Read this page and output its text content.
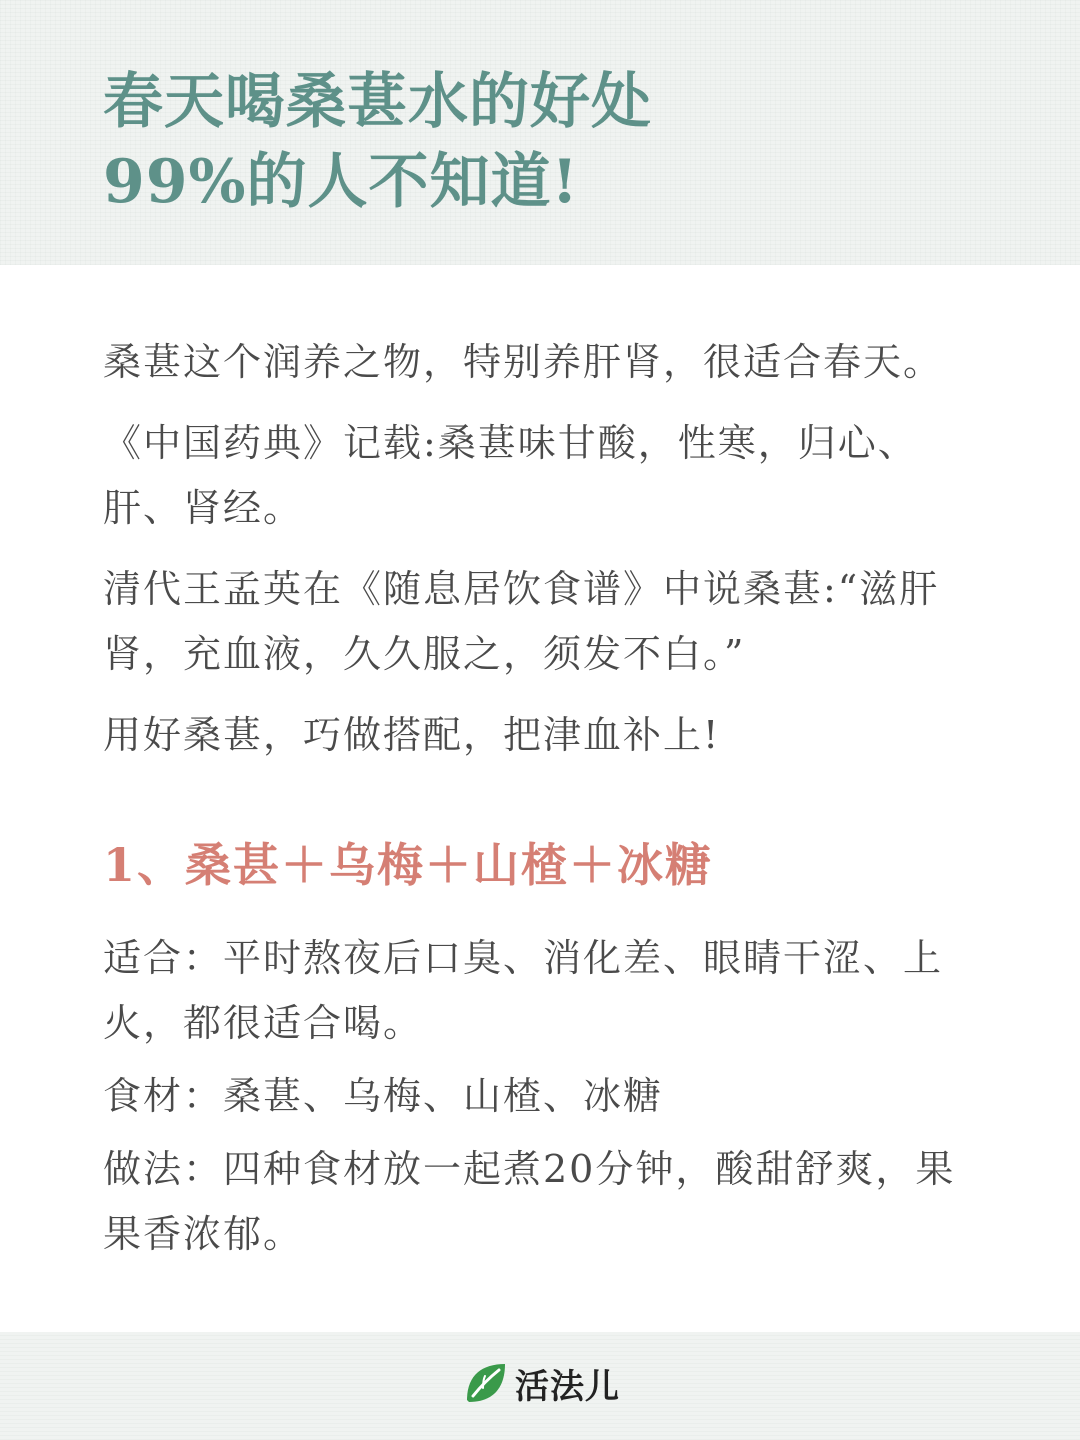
春天喝桑葚水的好处
99%的人不知道!

桑葚这个润养之物，特别养肝肾，很适合春天。

《中国药典》记载:桑葚味甘酸，性寒，归心、肝、肾经。

清代王孟英在《随息居饮食谱》中说桑葚:“滋肝肾，充血液，久久服之，须发不白。”

用好桑葚，巧做搭配，把津血补上!

1、桑甚＋乌梅＋山楂＋冰糖

适合：平时熬夜后口臭、消化差、眼睛干涩、上火，都很适合喝。

食材：桑葚、乌梅、山楂、冰糖

做法：四种食材放一起煮20分钟，酸甜舒爽，果果香浓郁。

活法儿
